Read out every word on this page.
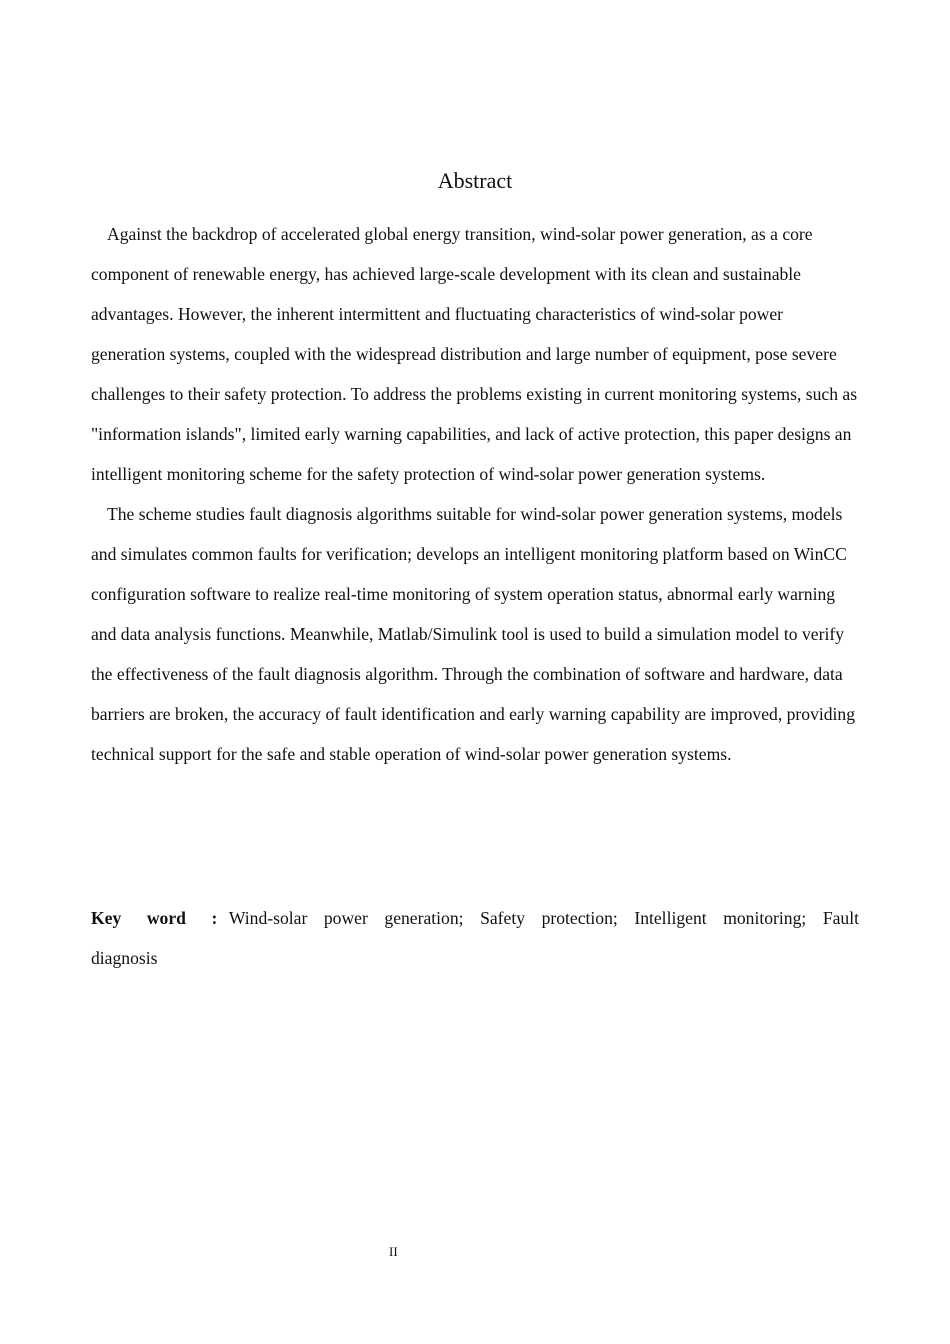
Abstract

Against the backdrop of accelerated global energy transition, wind-solar power generation, as a core component of renewable energy, has achieved large-scale development with its clean and sustainable advantages. However, the inherent intermittent and fluctuating characteristics of wind-solar power generation systems, coupled with the widespread distribution and large number of equipment, pose severe challenges to their safety protection. To address the problems existing in current monitoring systems, such as "information islands", limited early warning capabilities, and lack of active protection, this paper designs an intelligent monitoring scheme for the safety protection of wind-solar power generation systems.

The scheme studies fault diagnosis algorithms suitable for wind-solar power generation systems, models and simulates common faults for verification; develops an intelligent monitoring platform based on WinCC configuration software to realize real-time monitoring of system operation status, abnormal early warning and data analysis functions. Meanwhile, Matlab/Simulink tool is used to build a simulation model to verify the effectiveness of the fault diagnosis algorithm. Through the combination of software and hardware, data barriers are broken, the accuracy of fault identification and early warning capability are improved, providing technical support for the safe and stable operation of wind-solar power generation systems.

Key word : Wind-solar power generation; Safety protection; Intelligent monitoring; Fault diagnosis
II
